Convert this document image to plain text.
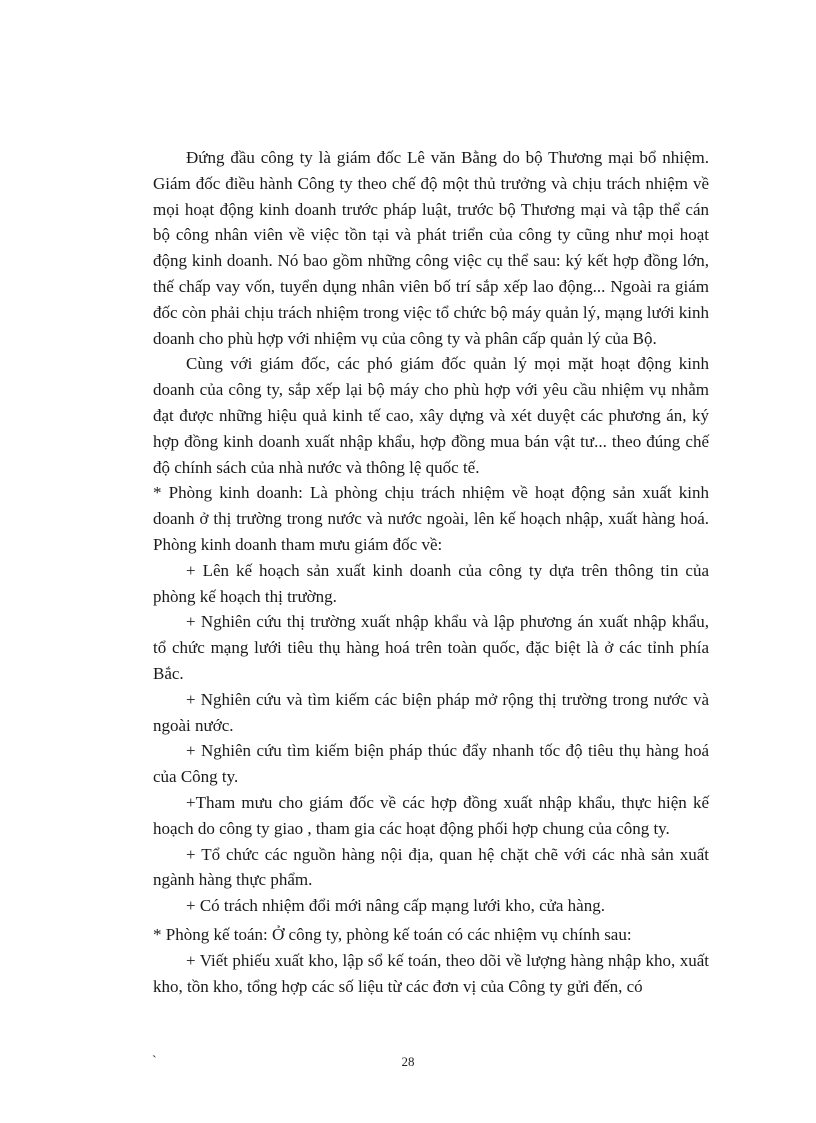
Đứng đầu công ty là giám đốc Lê văn Bằng do bộ Thương mại bổ nhiệm. Giám đốc điều hành Công ty theo chế độ một thủ trưởng và chịu trách nhiệm về mọi hoạt động kinh doanh trước pháp luật, trước bộ Thương mại và tập thể cán bộ công nhân viên về việc tồn tại và phát triển của công ty cũng như mọi hoạt động kinh doanh. Nó bao gồm những công việc cụ thể sau: ký kết hợp đồng lớn, thế chấp vay vốn, tuyển dụng nhân viên bố trí sắp xếp lao động... Ngoài ra giám đốc còn phải chịu trách nhiệm trong việc tổ chức bộ máy quản lý, mạng lưới kinh doanh cho phù hợp với nhiệm vụ của công ty và phân cấp quản lý của Bộ.

Cùng với giám đốc, các phó giám đốc quản lý mọi mặt hoạt động kinh doanh của công ty, sắp xếp lại bộ máy cho phù hợp với yêu cầu nhiệm vụ nhằm đạt được những hiệu quả kinh tế cao, xây dựng và xét duyệt các phương án, ký hợp đồng kinh doanh xuất nhập khẩu, hợp đồng mua bán vật tư... theo đúng chế độ chính sách của nhà nước và thông lệ quốc tế.

* Phòng kinh doanh: Là phòng chịu trách nhiệm về hoạt động sản xuất kinh doanh ở thị trường trong nước và nước ngoài, lên kế hoạch nhập, xuất hàng hoá. Phòng kinh doanh tham mưu giám đốc về:

+ Lên kế hoạch sản xuất kinh doanh của công ty dựa trên thông tin của phòng kế hoạch thị trường.

+ Nghiên cứu thị trường xuất nhập khẩu và lập phương án xuất nhập khẩu, tổ chức mạng lưới tiêu thụ hàng hoá trên toàn quốc, đặc biệt là ở các tỉnh phía Bắc.

+ Nghiên cứu và tìm kiếm các biện pháp mở rộng thị trường trong nước và ngoài nước.

+ Nghiên cứu tìm kiếm biện pháp thúc đẩy nhanh tốc độ tiêu thụ hàng hoá của Công ty.

+Tham mưu cho giám đốc về các hợp đồng xuất nhập khẩu, thực hiện kế hoạch do công ty giao , tham gia các hoạt động phối hợp chung của công ty.

+ Tổ chức các nguồn hàng nội địa, quan hệ chặt chẽ với các nhà sản xuất ngành hàng thực phẩm.

+ Có trách nhiệm đổi mới nâng cấp mạng lưới kho, cửa hàng.

* Phòng kế toán: Ở công ty, phòng kế toán có các nhiệm vụ chính sau:

+ Viết phiếu xuất kho, lập sổ kế toán, theo dõi về lượng hàng nhập kho, xuất kho, tồn kho, tổng hợp các số liệu từ các đơn vị của Công ty gửi đến, có

`	28
